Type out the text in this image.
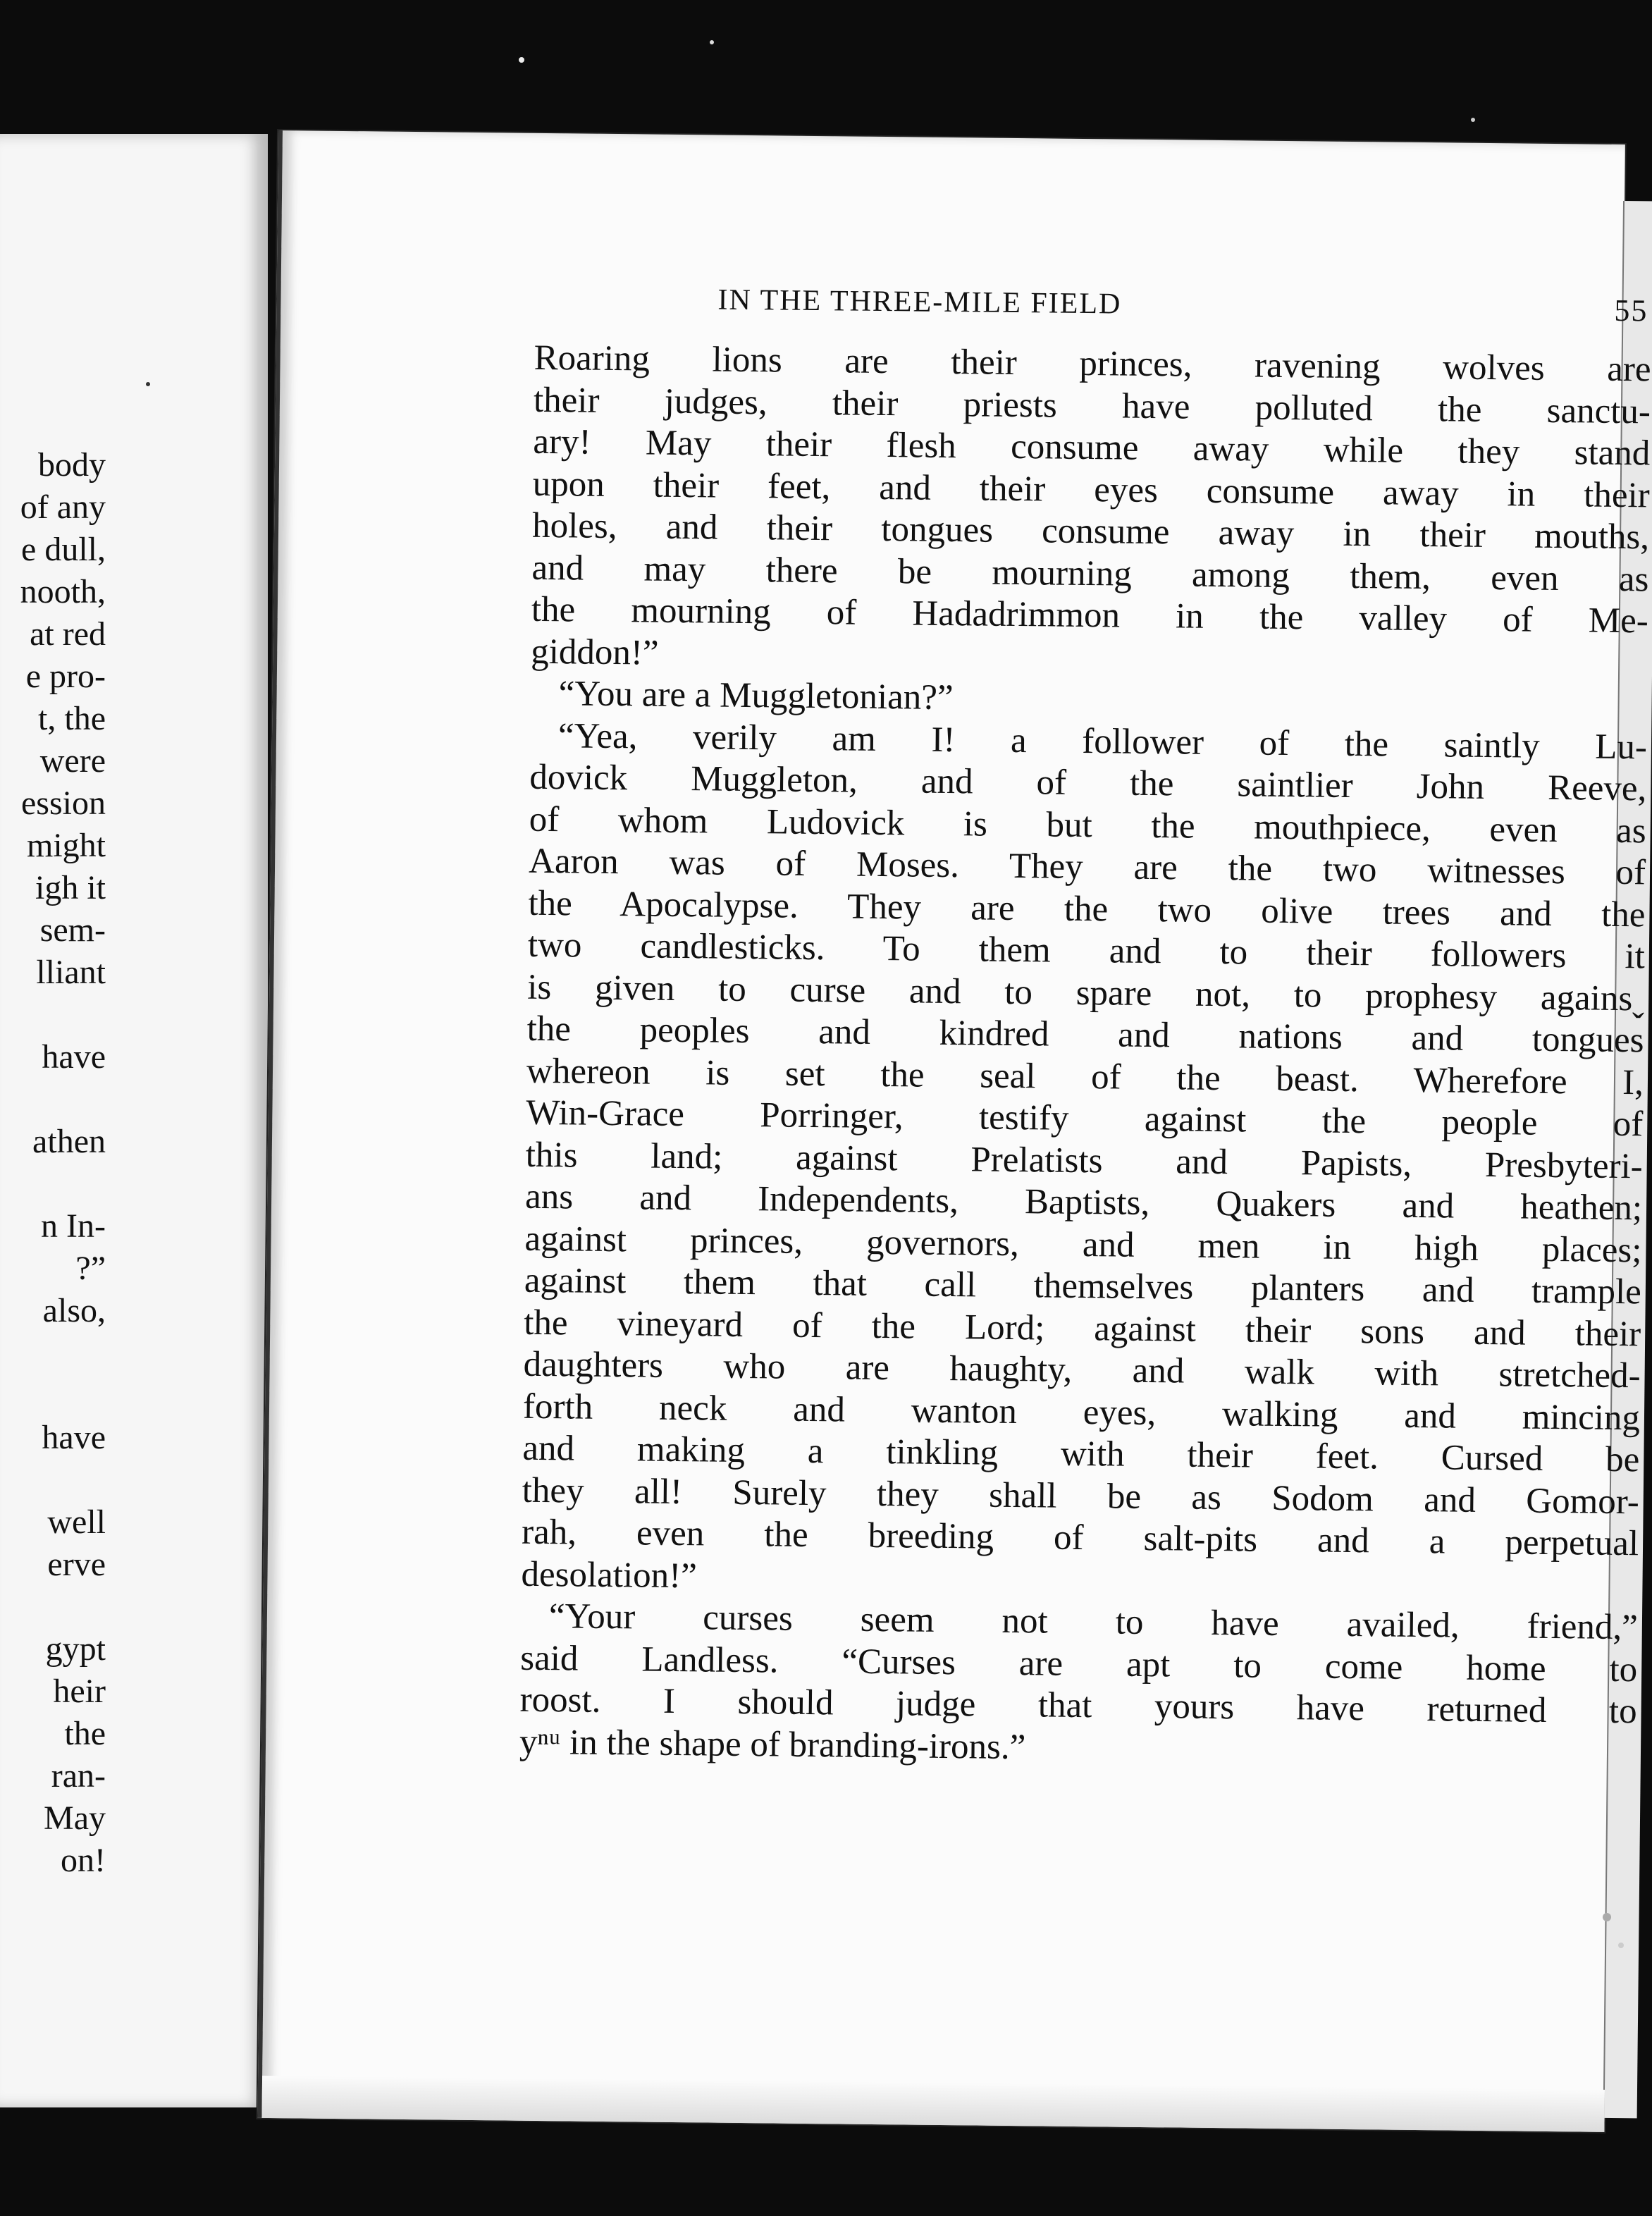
body
of any
e dull,
nooth,
at red
e pro-
t, the
were
ession
might
igh it
sem-
lliant
have
athen
n In-
?”
also,
have
well
erve
gypt
heir
the
ran-
May
on!
IN THE THREE-MILE FIELD	55
Roaring lions are their princes, ravening wolves are
their judges, their priests have polluted the sanctu-
ary! May their flesh consume away while they stand
upon their feet, and their eyes consume away in their
holes, and their tongues consume away in their mouths,
and may there be mourning among them, even as
the mourning of Hadadrimmon in the valley of Me-
giddon!”
“You are a Muggletonian?”
“Yea, verily am I! a follower of the saintly Lu-
dovick Muggleton, and of the saintlier John Reeve,
of whom Ludovick is but the mouthpiece, even as
Aaron was of Moses. They are the two witnesses of
the Apocalypse. They are the two olive trees and the
two candlesticks. To them and to their followers it
is given to curse and to spare not, to prophesy againsˬ
the peoples and kindred and nations and tongues
whereon is set the seal of the beast. Wherefore I,
Win-Grace Porringer, testify against the people of
this land; against Prelatists and Papists, Presbyteri-
ans and Independents, Baptists, Quakers and heathen;
against princes, governors, and men in high places;
against them that call themselves planters and trample
the vineyard of the Lord; against their sons and their
daughters who are haughty, and walk with stretched-
forth neck and wanton eyes, walking and mincing
and making a tinkling with their feet. Cursed be
they all! Surely they shall be as Sodom and Gomor-
rah, even the breeding of salt-pits and a perpetual
desolation!”
“Your curses seem not to have availed, friend,”
said Landless. “Curses are apt to come home to
roost. I should judge that yours have returned to
yⁿᵘ in the shape of branding-irons.”
